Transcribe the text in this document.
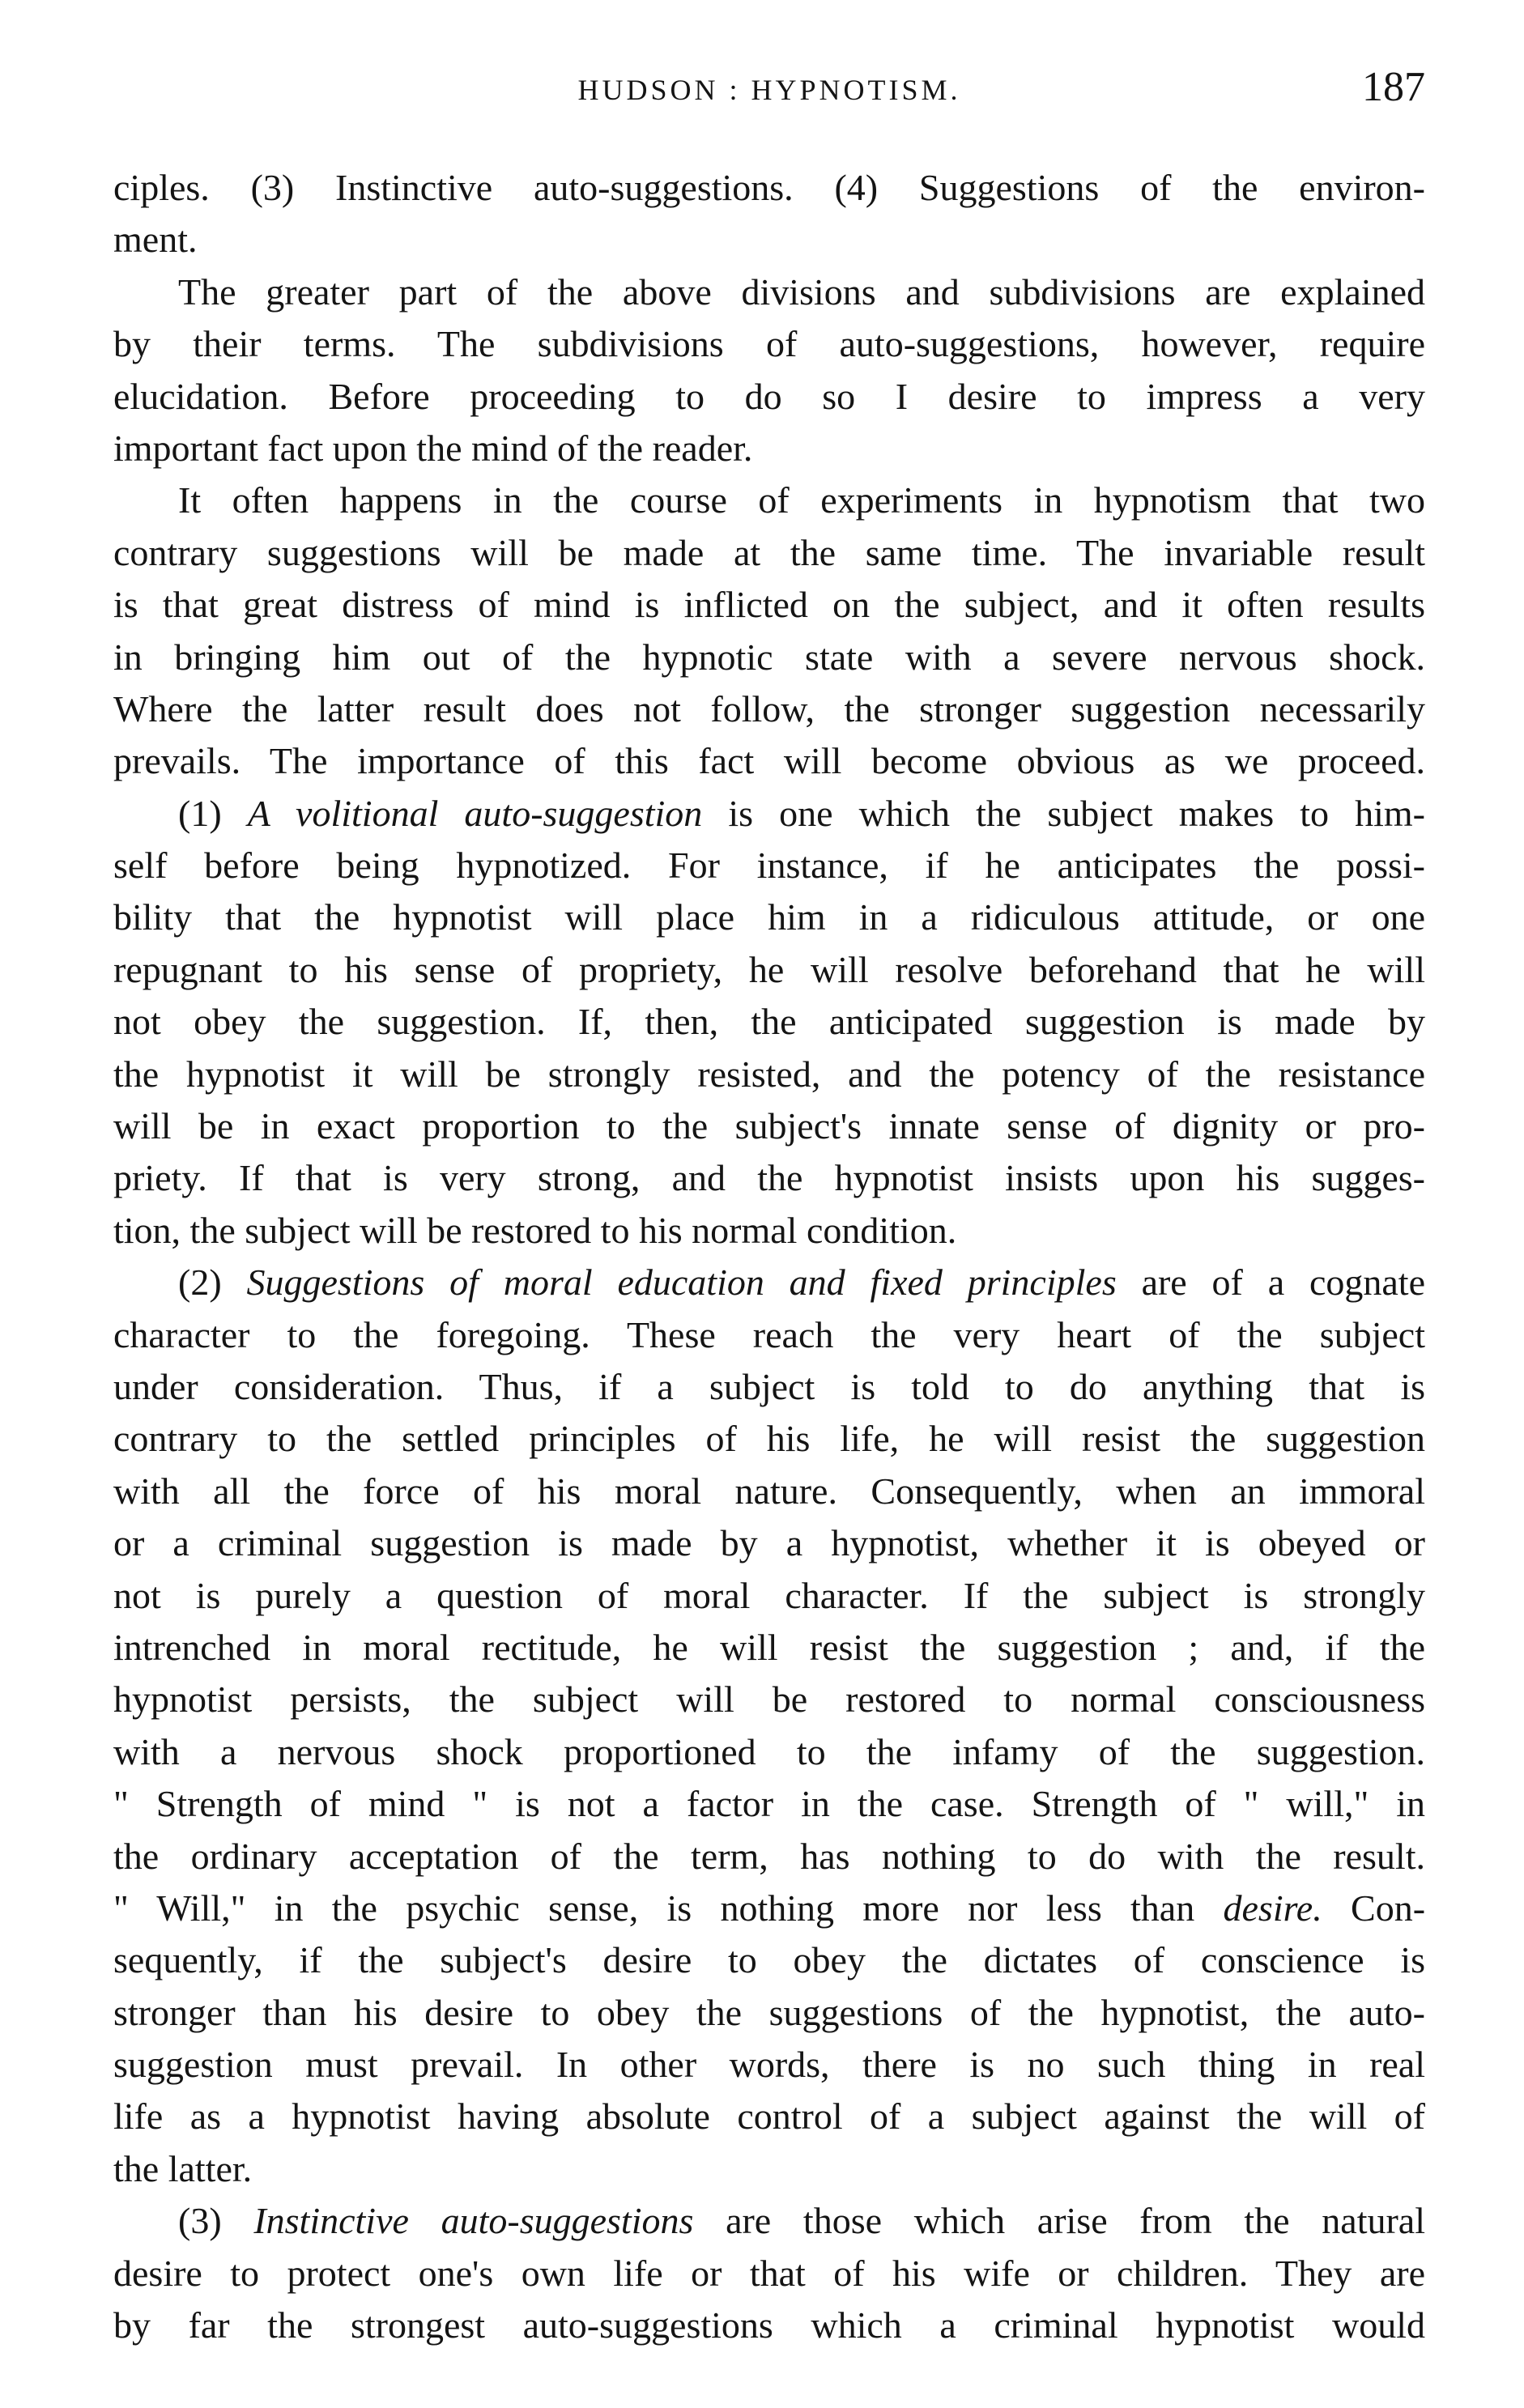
HUDSON : HYPNOTISM.	187
ciples. (3) Instinctive auto-suggestions. (4) Suggestions of the environ-
ment.
The greater part of the above divisions and subdivisions are explained
by their terms. The subdivisions of auto-suggestions, however, require
elucidation. Before proceeding to do so I desire to impress a very
important fact upon the mind of the reader.
It often happens in the course of experiments in hypnotism that two
contrary suggestions will be made at the same time. The invariable result
is that great distress of mind is inflicted on the subject, and it often results
in bringing him out of the hypnotic state with a severe nervous shock.
Where the latter result does not follow, the stronger suggestion necessarily
prevails. The importance of this fact will become obvious as we proceed.
(1) A volitional auto-suggestion is one which the subject makes to him-
self before being hypnotized. For instance, if he anticipates the possi-
bility that the hypnotist will place him in a ridiculous attitude, or one
repugnant to his sense of propriety, he will resolve beforehand that he will
not obey the suggestion. If, then, the anticipated suggestion is made by
the hypnotist it will be strongly resisted, and the potency of the resistance
will be in exact proportion to the subject's innate sense of dignity or pro-
priety. If that is very strong, and the hypnotist insists upon his sugges-
tion, the subject will be restored to his normal condition.
(2) Suggestions of moral education and fixed principles are of a cognate
character to the foregoing. These reach the very heart of the subject
under consideration. Thus, if a subject is told to do anything that is
contrary to the settled principles of his life, he will resist the suggestion
with all the force of his moral nature. Consequently, when an immoral
or a criminal suggestion is made by a hypnotist, whether it is obeyed or
not is purely a question of moral character. If the subject is strongly
intrenched in moral rectitude, he will resist the suggestion ; and, if the
hypnotist persists, the subject will be restored to normal consciousness
with a nervous shock proportioned to the infamy of the suggestion.
" Strength of mind " is not a factor in the case. Strength of " will," in
the ordinary acceptation of the term, has nothing to do with the result.
" Will," in the psychic sense, is nothing more nor less than desire. Con-
sequently, if the subject's desire to obey the dictates of conscience is
stronger than his desire to obey the suggestions of the hypnotist, the auto-
suggestion must prevail. In other words, there is no such thing in real
life as a hypnotist having absolute control of a subject against the will of
the latter.
(3) Instinctive auto-suggestions are those which arise from the natural
desire to protect one's own life or that of his wife or children. They are
by far the strongest auto-suggestions which a criminal hypnotist would
